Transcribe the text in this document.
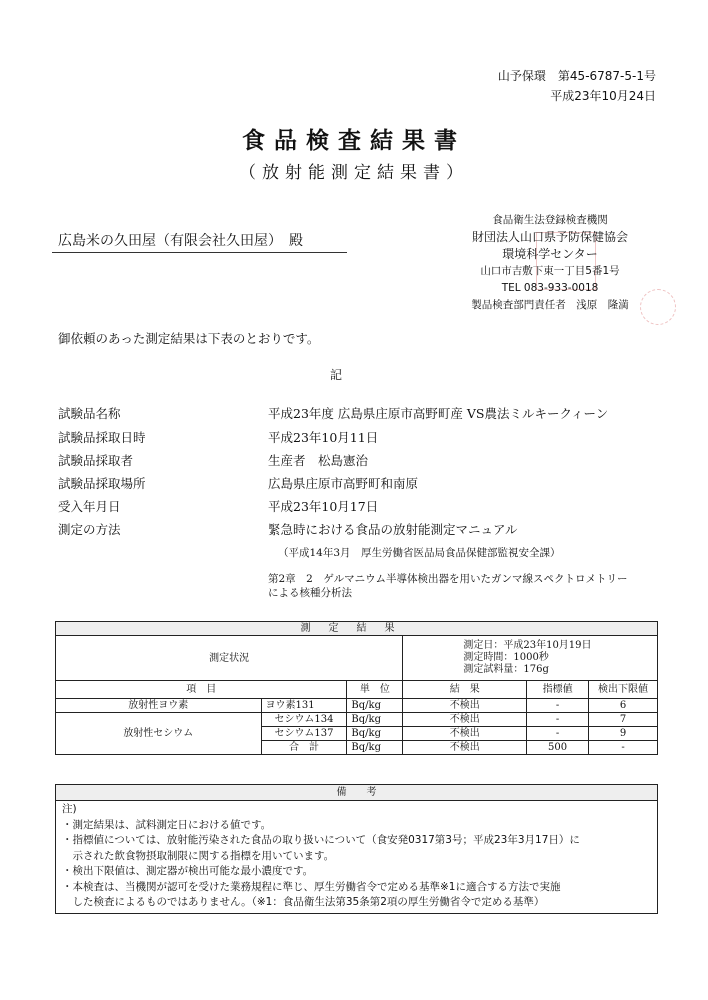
山予保環　第45-6787-5-1号
平成23年10月24日
食品検査結果書
（放射能測定結果書）
広島米の久田屋（有限会社久田屋）　殿
食品衛生法登録検査機関
財団法人山口県予防保健協会
環境科学センター
山口市吉敷下東一丁目5番1号
TEL 083-933-0018
製品検査部門責任者　浅原　隆満
御依頼のあった測定結果は下表のとおりです。
記
試験品名称	平成23年度 広島県庄原市高野町産 VS農法ミルキークィーン
試験品採取日時	平成23年10月11日
試験品採取者	生産者　松島憲治
試験品採取場所	広島県庄原市高野町和南原
受入年月日	平成23年10月17日
測定の方法	緊急時における食品の放射能測定マニュアル
（平成14年3月　厚生労働省医品局食品保健部監視安全課）
第2章　2　ゲルマニウム半導体検出器を用いたガンマ線スペクトロメトリー
による核種分析法
測定結果					
測定状況			測定日：平成23年10月19日
測定時間：1000秒
測定試料量：176g		

項　目		単　位	結　果	指標値	検出下限値
放射性ヨウ素	ヨウ素131	Bq/kg	不検出	-	6
放射性セシウム	セシウム134	Bq/kg	不検出	-	7
	セシウム137	Bq/kg	不検出	-	9
	合　計	Bq/kg	不検出	500	-
備　　考
注)
・測定結果は、試料測定日における値です。
・指標値については、放射能汚染された食品の取り扱いについて（食安発0317第3号；平成23年3月17日）に
　示された飲食物摂取制限に関する指標を用いています。
・検出下限値は、測定器が検出可能な最小濃度です。
・本検査は、当機関が認可を受けた業務規程に準じ、厚生労働省令で定める基準※1に適合する方法で実施
　した検査によるものではありません。（※1：食品衛生法第35条第2項の厚生労働省令で定める基準）
